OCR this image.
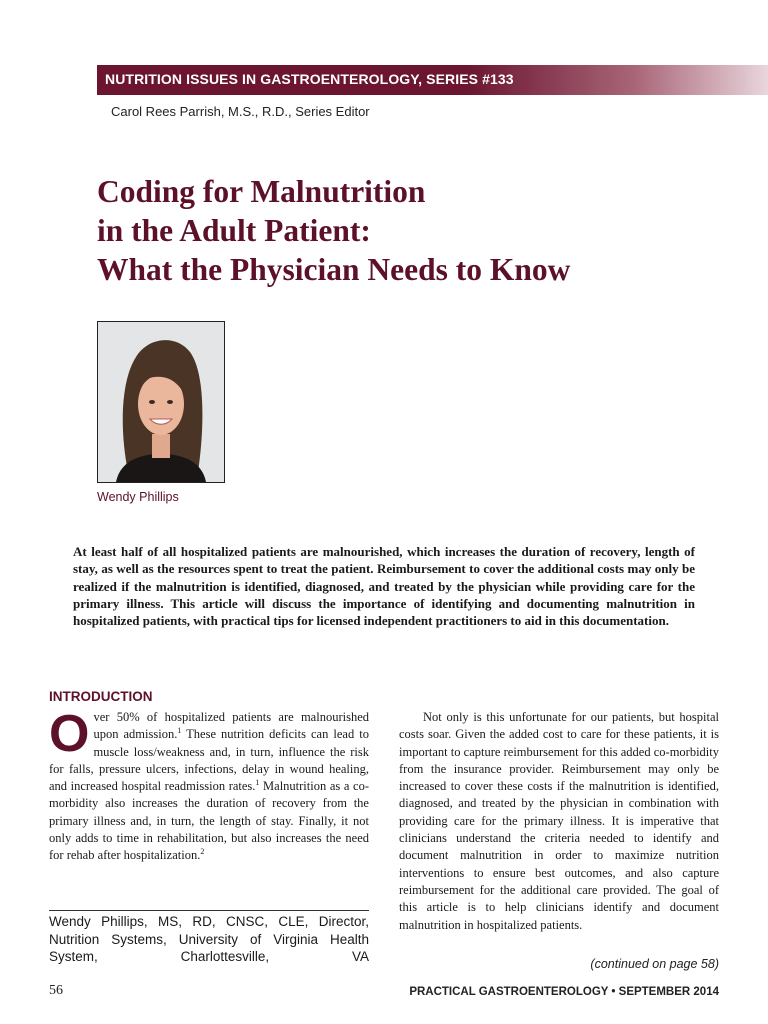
NUTRITION ISSUES IN GASTROENTEROLOGY, SERIES #133
Carol Rees Parrish, M.S., R.D., Series Editor
Coding for Malnutrition
in the Adult Patient:
What the Physician Needs to Know
Wendy Phillips

At least half of all hospitalized patients are malnourished, which increases the duration of recovery, length of stay, as well as the resources spent to treat the patient. Reimbursement to cover the additional costs may only be realized if the malnutrition is identified, diagnosed, and treated by the physician while providing care for the primary illness. This article will discuss the importance of identifying and documenting malnutrition in hospitalized patients, with practical tips for licensed independent practitioners to aid in this documentation.

INTRODUCTION

Over 50% of hospitalized patients are malnourished upon admission.$^1$ These nutrition deficits can lead to muscle loss/weakness and, in turn, influence the risk for falls, pressure ulcers, infections, delay in wound healing, and increased hospital readmission rates.$^1$ Malnutrition as a co-morbidity also increases the duration of recovery from the primary illness and, in turn, the length of stay. Finally, it not only adds to time in rehabilitation, but also increases the need for rehab after hospitalization.$^2$

Wendy Phillips, MS, RD, CNSC, CLE, Director, Nutrition Systems, University of Virginia Health System, Charlottesville, VA

Not only is this unfortunate for our patients, but hospital costs soar. Given the added cost to care for these patients, it is important to capture reimbursement for this added co-morbidity from the insurance provider. Reimbursement may only be increased to cover these costs if the malnutrition is identified, diagnosed, and treated by the physician in combination with providing care for the primary illness. It is imperative that clinicians understand the criteria needed to identify and document malnutrition in order to maximize nutrition interventions to ensure best outcomes, and also capture reimbursement for the additional care provided. The goal of this article is to help clinicians identify and document malnutrition in hospitalized patients.

(continued on page 58)
56	PRACTICAL GASTROENTEROLOGY • SEPTEMBER 2014
